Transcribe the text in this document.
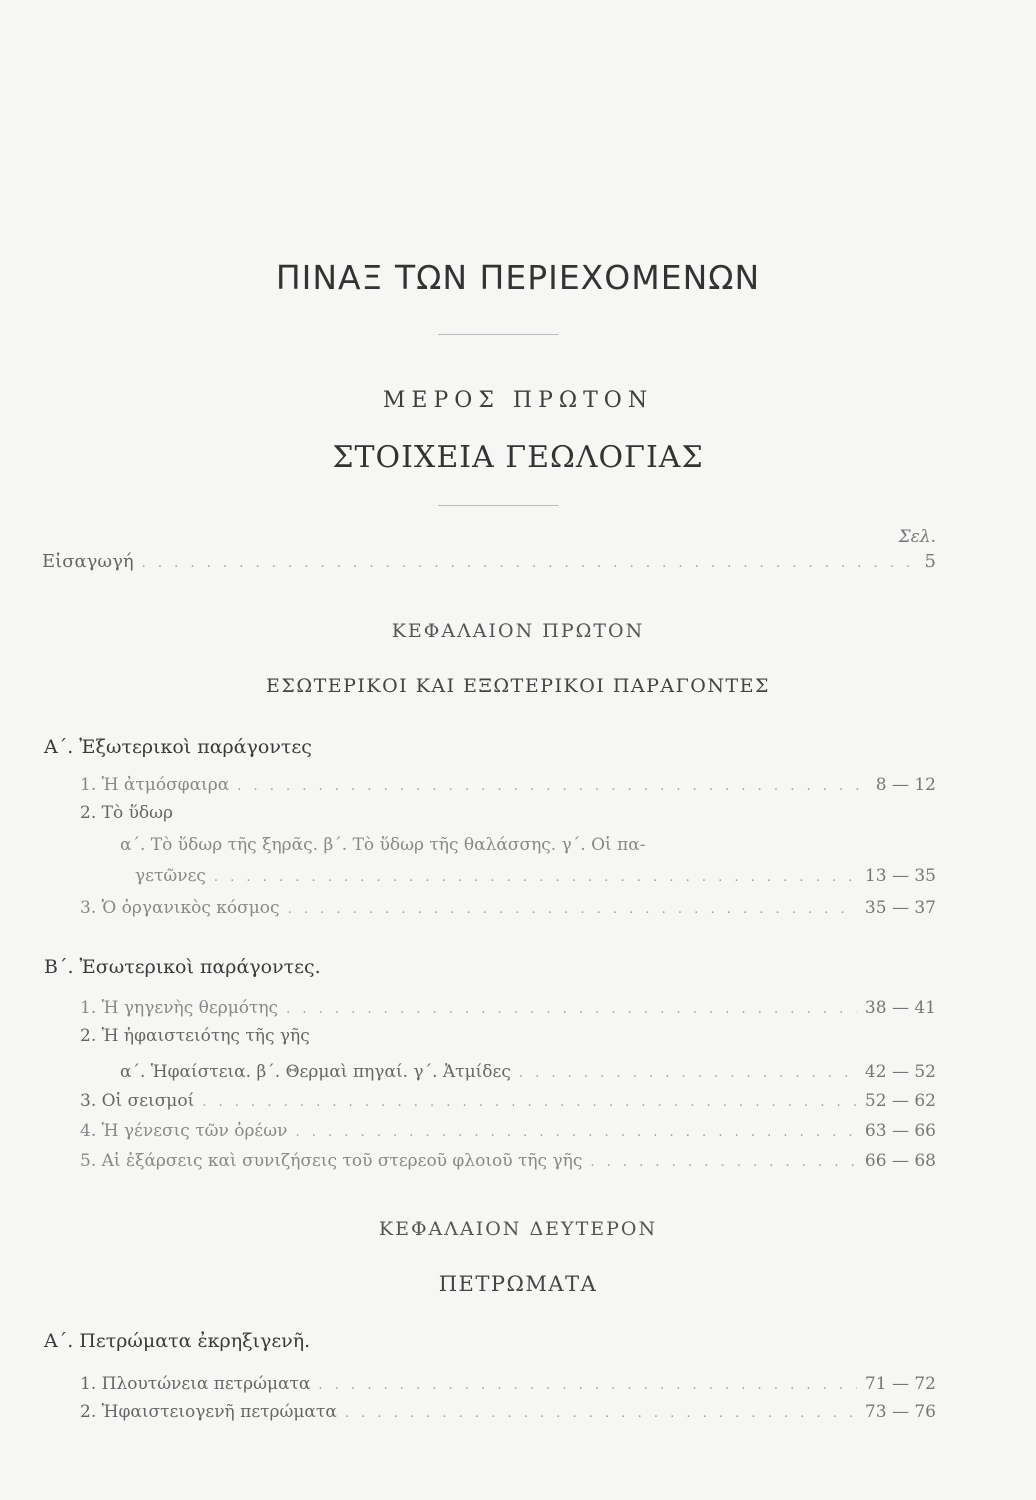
ΠΙΝΑΞ ΤΩΝ ΠΕΡΙΕΧΟΜΕΝΩΝ
ΜΕΡΟΣ ΠΡΩΤΟΝ
ΣΤΟΙΧΕΙΑ ΓΕΩΛΟΓΙΑΣ
Σελ.
Εἰσαγωγή . . .	5
ΚΕΦΑΛΑΙΟΝ ΠΡΩΤΟΝ
ΕΣΩΤΕΡΙΚΟΙ ΚΑΙ ΕΞΩΤΕΡΙΚΟΙ ΠΑΡΑΓΟΝΤΕΣ
Α΄. Ἐξωτερικοὶ παράγοντες
1. Ἡ ἀτμόσφαιρα . . .	8 — 12
2. Τὸ ὕδωρ
α΄. Τὸ ὕδωρ τῆς ξηρᾶς. β΄. Τὸ ὕδωρ τῆς θαλάσσης. γ΄. Οἱ πα-
γετῶνες . . .	13 — 35
3. Ὁ ὀργανικὸς κόσμος . . .	35 — 37
Β΄. Ἐσωτερικοὶ παράγοντες.
1. Ἡ γηγενὴς θερμότης . . .	38 — 41
2. Ἡ ἡφαιστειότης τῆς γῆς
α΄. Ἡφαίστεια. β΄. Θερμαὶ πηγαί. γ΄. Ἀτμίδες . . .	42 — 52
3. Οἱ σεισμοί . . .	52 — 62
4. Ἡ γένεσις τῶν ὀρέων . . .	63 — 66
5. Αἱ ἐξάρσεις καὶ συνιζήσεις τοῦ στερεοῦ φλοιοῦ τῆς γῆς . . .	66 — 68
ΚΕΦΑΛΑΙΟΝ ΔΕΥΤΕΡΟΝ
ΠΕΤΡΩΜΑΤΑ
Α΄. Πετρώματα ἐκρηξιγενῆ.
1. Πλουτώνεια πετρώματα . . .	71 — 72
2. Ἡφαιστειογενῆ πετρώματα . . .	73 — 76
